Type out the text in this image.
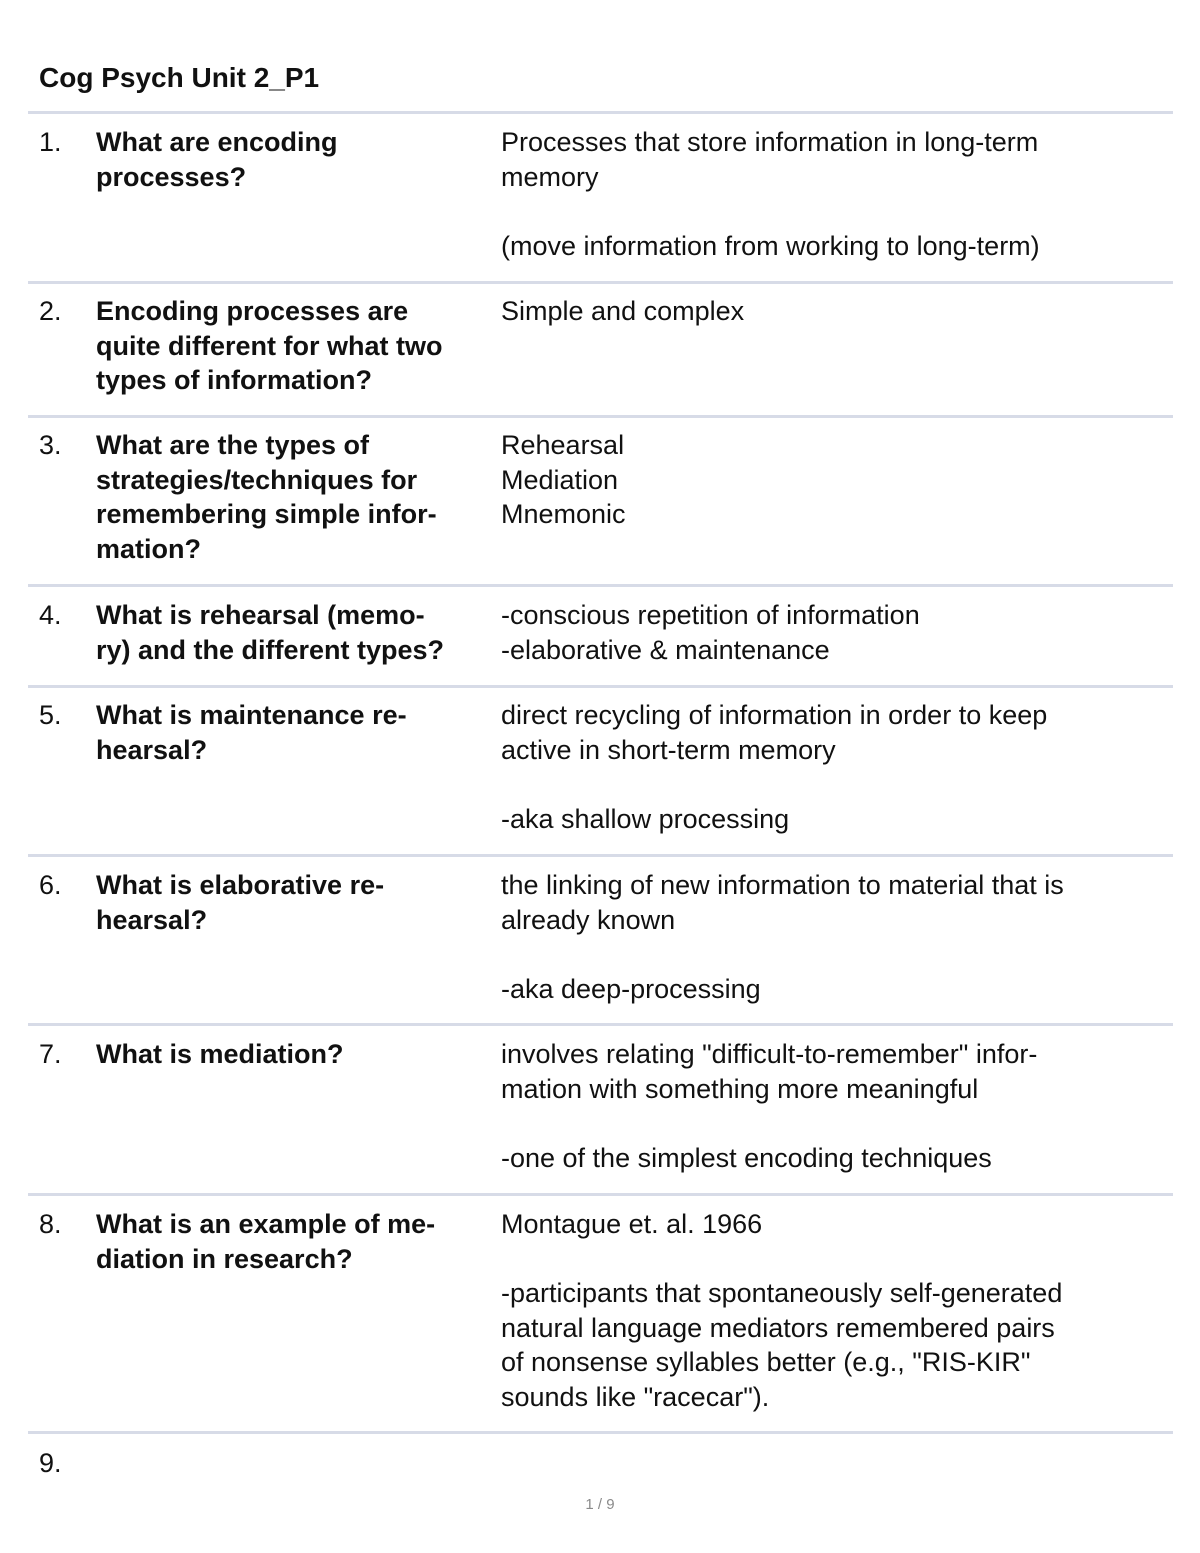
Cog Psych Unit 2_P1
1. What are encoding
processes?
Processes that store information in long-term
memory

(move information from working to long-term)
2. Encoding processes are
quite different for what two
types of information?
Simple and complex
3. What are the types of
strategies/techniques for
remembering simple infor-
mation?
Rehearsal
Mediation
Mnemonic
4. What is rehearsal (memo-
ry) and the different types?
-conscious repetition of information
-elaborative & maintenance
5. What is maintenance re-
hearsal?
direct recycling of information in order to keep
active in short-term memory

-aka shallow processing
6. What is elaborative re-
hearsal?
the linking of new information to material that is
already known

-aka deep-processing
7. What is mediation?	involves relating "difficult-to-remember" infor-
mation with something more meaningful

-one of the simplest encoding techniques
8. What is an example of me-
diation in research?
Montague et. al. 1966

-participants that spontaneously self-generated
natural language mediators remembered pairs
of nonsense syllables better (e.g., "RIS-KIR"
sounds like "racecar").
9.
1 / 9
